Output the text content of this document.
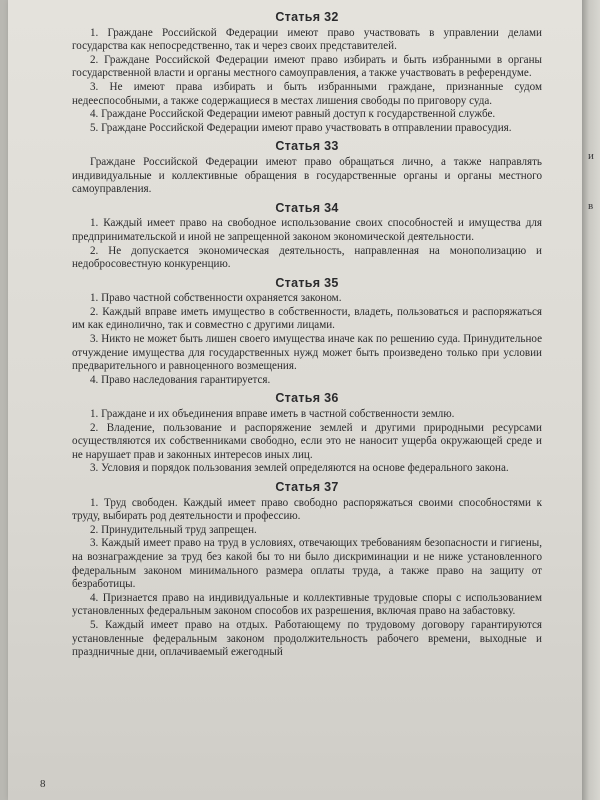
Статья 32

1. Граждане Российской Федерации имеют право участвовать в управлении делами государства как непосредственно, так и через своих представителей.

2. Граждане Российской Федерации имеют право избирать и быть избранными в органы государственной власти и органы местного самоуправления, а также участвовать в референдуме.

3. Не имеют права избирать и быть избранными граждане, признанные судом недееспособными, а также содержащиеся в местах лишения свободы по приговору суда.

4. Граждане Российской Федерации имеют равный доступ к государственной службе.

5. Граждане Российской Федерации имеют право участвовать в отправлении правосудия.

Статья 33

Граждане Российской Федерации имеют право обращаться лично, а также направлять индивидуальные и коллективные обращения в государственные органы и органы местного самоуправления.

Статья 34

1. Каждый имеет право на свободное использование своих способностей и имущества для предпринимательской и иной не запрещенной законом экономической деятельности.

2. Не допускается экономическая деятельность, направленная на монополизацию и недобросовестную конкуренцию.

Статья 35

1. Право частной собственности охраняется законом.

2. Каждый вправе иметь имущество в собственности, владеть, пользоваться и распоряжаться им как единолично, так и совместно с другими лицами.

3. Никто не может быть лишен своего имущества иначе как по решению суда. Принудительное отчуждение имущества для государственных нужд может быть произведено только при условии предварительного и равноценного возмещения.

4. Право наследования гарантируется.

Статья 36

1. Граждане и их объединения вправе иметь в частной собственности землю.

2. Владение, пользование и распоряжение землей и другими природными ресурсами осуществляются их собственниками свободно, если это не наносит ущерба окружающей среде и не нарушает прав и законных интересов иных лиц.

3. Условия и порядок пользования землей определяются на основе федерального закона.

Статья 37

1. Труд свободен. Каждый имеет право свободно распоряжаться своими способностями к труду, выбирать род деятельности и профессию.

2. Принудительный труд запрещен.

3. Каждый имеет право на труд в условиях, отвечающих требованиям безопасности и гигиены, на вознаграждение за труд без какой бы то ни было дискриминации и не ниже установленного федеральным законом минимального размера оплаты труда, а также право на защиту от безработицы.

4. Признается право на индивидуальные и коллективные трудовые споры с использованием установленных федеральным законом способов их разрешения, включая право на забастовку.

5. Каждый имеет право на отдых. Работающему по трудовому договору гарантируются установленные федеральным законом продолжительность рабочего времени, выходные и праздничные дни, оплачиваемый ежегодный

8
и
в
